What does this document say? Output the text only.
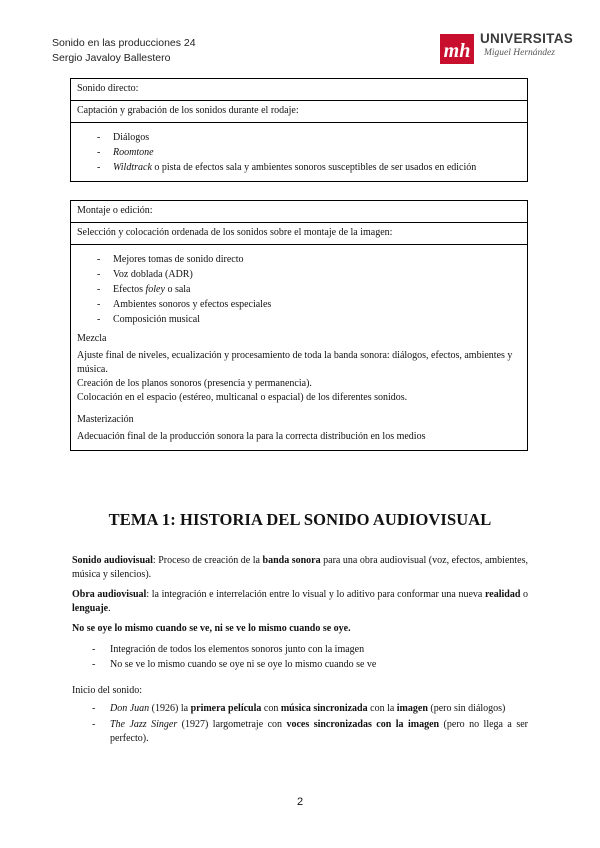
Sonido en las producciones 24
Sergio Javaloy Ballestero	mh
UNIVERSITAS
Miguel Hernández
Sonido directo:
Captación y grabación de los sonidos durante el rodaje:
- Diálogos
- Roomtone
- Wildtrack o pista de efectos sala y ambientes sonoros susceptibles de ser usados en edición
Montaje o edición:
Selección y colocación ordenada de los sonidos sobre el montaje de la imagen:
- Mejores tomas de sonido directo
- Voz doblada (ADR)
- Efectos foley o sala
- Ambientes sonoros y efectos especiales
- Composición musical
Mezcla

Ajuste final de niveles, ecualización y procesamiento de toda la banda sonora: diálogos, efectos, ambientes y música.

Creación de los planos sonoros (presencia y permanencia).

Colocación en el espacio (estéreo, multicanal o espacial) de los diferentes sonidos.

Masterización

Adecuación final de la producción sonora la para la correcta distribución en los medios

TEMA 1: HISTORIA DEL SONIDO AUDIOVISUAL

Sonido audiovisual: Proceso de creación de la banda sonora para una obra audiovisual (voz, efectos, ambientes, música y silencios).

Obra audiovisual: la integración e interrelación entre lo visual y lo aditivo para conformar una nueva realidad o lenguaje.

No se oye lo mismo cuando se ve, ni se ve lo mismo cuando se oye.

- Integración de todos los elementos sonoros junto con la imagen
- No se ve lo mismo cuando se oye ni se oye lo mismo cuando se ve

Inicio del sonido:

- Don Juan (1926) la primera película con música sincronizada con la imagen (pero sin diálogos)
- The Jazz Singer (1927) largometraje con voces sincronizadas con la imagen (pero no llega a ser perfecto).
2
